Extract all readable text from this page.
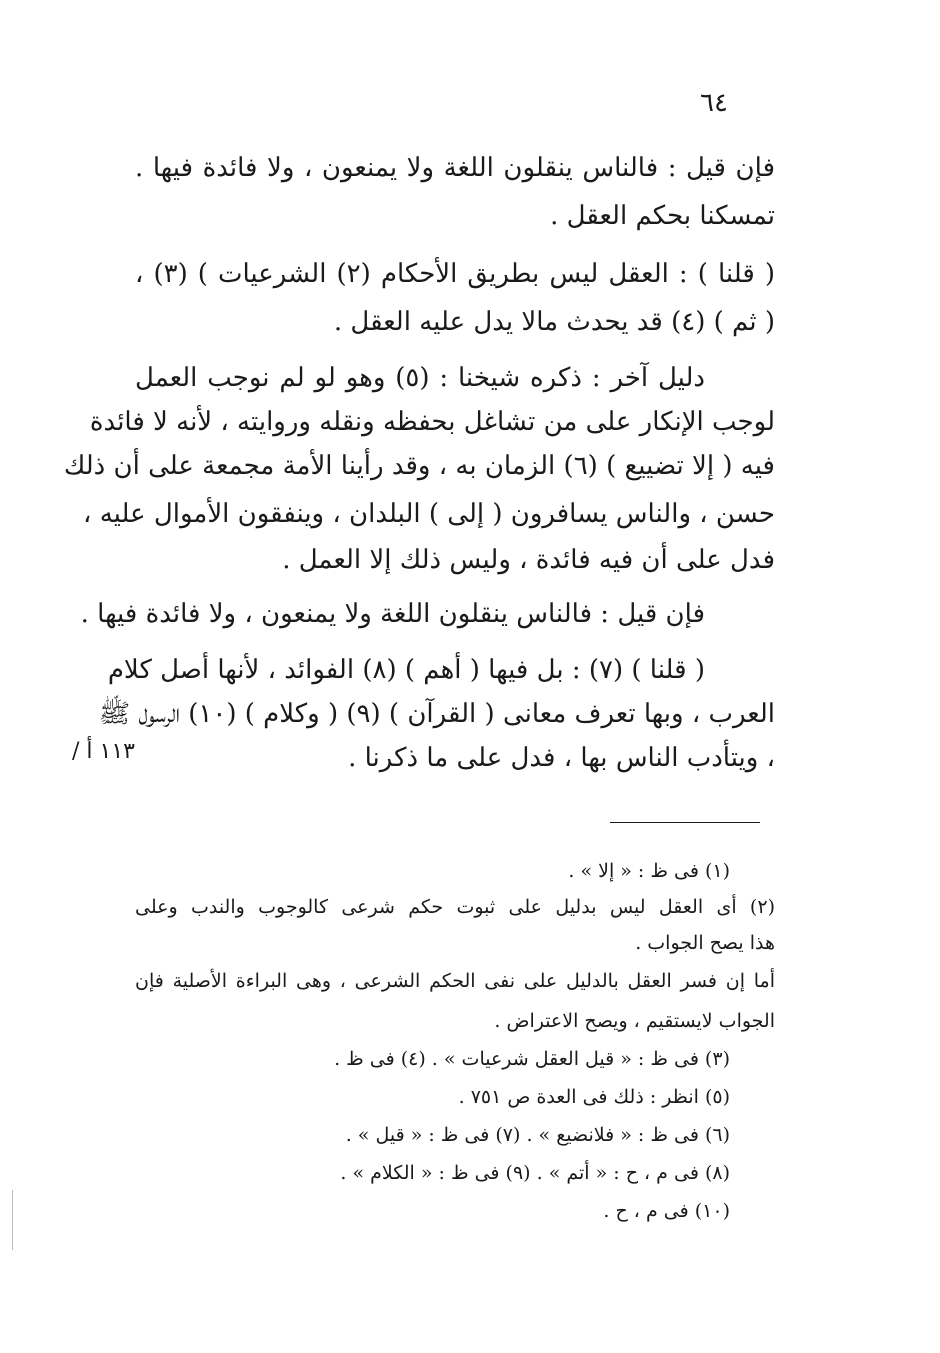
٦٤
فإن قيل : فالناس ينقلون اللغة ولا يمنعون ، ولا فائدة فيها .
تمسكنا بحكم العقل .
( قلنا ) : العقل ليس بطريق الأحكام (٢) الشرعيات ) (٣) ،
( ثم ) (٤) قد يحدث مالا يدل عليه العقل .
دليل آخر : ذكره شيخنا : (٥) وهو لو لم نوجب العمل
لوجب الإنكار على من تشاغل بحفظه ونقله وروايته ، لأنه لا فائدة
فيه ( إلا تضييع ) (٦) الزمان به ، وقد رأينا الأمة مجمعة على أن ذلك
حسن ، والناس يسافرون ( إلى ) البلدان ، وينفقون الأموال عليه ،
فدل على أن فيه فائدة ، وليس ذلك إلا العمل .
فإن قيل : فالناس ينقلون اللغة ولا يمنعون ، ولا فائدة فيها .
( قلنا ) (٧) : بل فيها ( أهم ) (٨) الفوائد ، لأنها أصل كلام
العرب ، وبها تعرف معانى ( القرآن ) (٩) ( وكلام ) (١٠) الرسول ﷺ
، ويتأدب الناس بها ، فدل على ما ذكرنا .
١١٣ أ /
(١) فى ظ : « إلا » .
(٢) أى العقل ليس بدليل على ثبوت حكم شرعى كالوجوب والندب وعلى
هذا يصح الجواب .
أما إن فسر العقل بالدليل على نفى الحكم الشرعى ، وهى البراءة الأصلية فإن
الجواب لايستقيم ، ويصح الاعتراض .
(٣) فى ظ : « قيل العقل شرعيات » . (٤) فى ظ .
(٥) انظر : ذلك فى العدة ص ٧٥١ .
(٦) فى ظ : « فلانضيع » . (٧) فى ظ : « قيل » .
(٨) فى م ، ح : « أتم » . (٩) فى ظ : « الكلام » .
(١٠) فى م ، ح .
